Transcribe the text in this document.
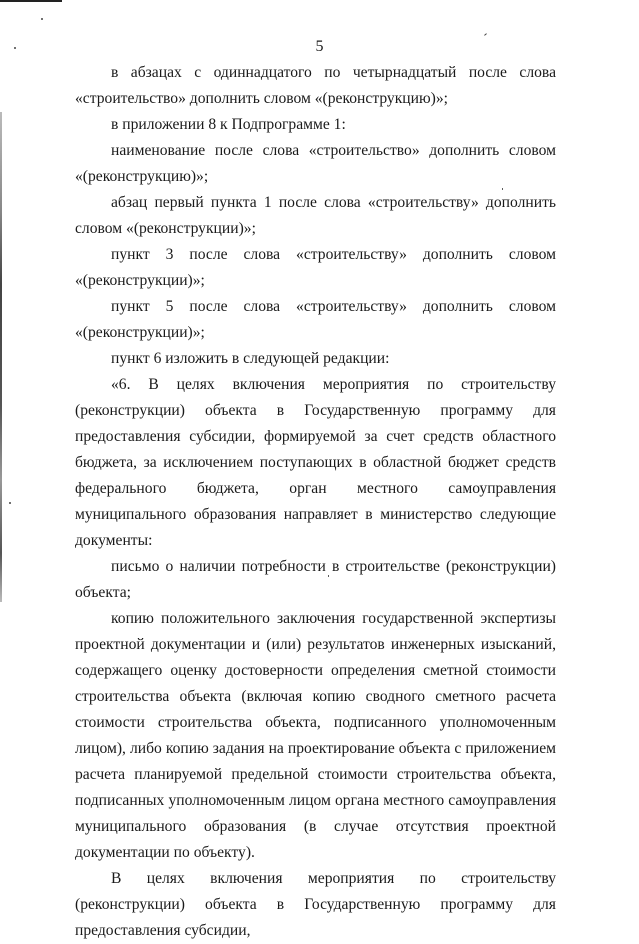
5

в абзацах с одиннадцатого по четырнадцатый после слова «строительство» дополнить словом «(реконструкцию)»;

в приложении 8 к Подпрограмме 1:

наименование после слова «строительство» дополнить словом «(реконструкцию)»;

абзац первый пункта 1 после слова «строительству» дополнить словом «(реконструкции)»;

пункт 3 после слова «строительству» дополнить словом «(реконструкции)»;

пункт 5 после слова «строительству» дополнить словом «(реконструкции)»;

пункт 6 изложить в следующей редакции:

«6. В целях включения мероприятия по строительству (реконструкции) объекта в Государственную программу для предоставления субсидии, формируемой за счет средств областного бюджета, за исключением поступающих в областной бюджет средств федерального бюджета, орган местного самоуправления муниципального образования направляет в министерство следующие документы:

письмо о наличии потребности в строительстве (реконструкции) объекта;

копию положительного заключения государственной экспертизы проектной документации и (или) результатов инженерных изысканий, содержащего оценку достоверности определения сметной стоимости строительства объекта (включая копию сводного сметного расчета стоимости строительства объекта, подписанного уполномоченным лицом), либо копию задания на проектирование объекта с приложением расчета планируемой предельной стоимости строительства объекта, подписанных уполномоченным лицом органа местного самоуправления муниципального образования (в случае отсутствия проектной документации по объекту).

В целях включения мероприятия по строительству (реконструкции) объекта в Государственную программу для предоставления субсидии,
